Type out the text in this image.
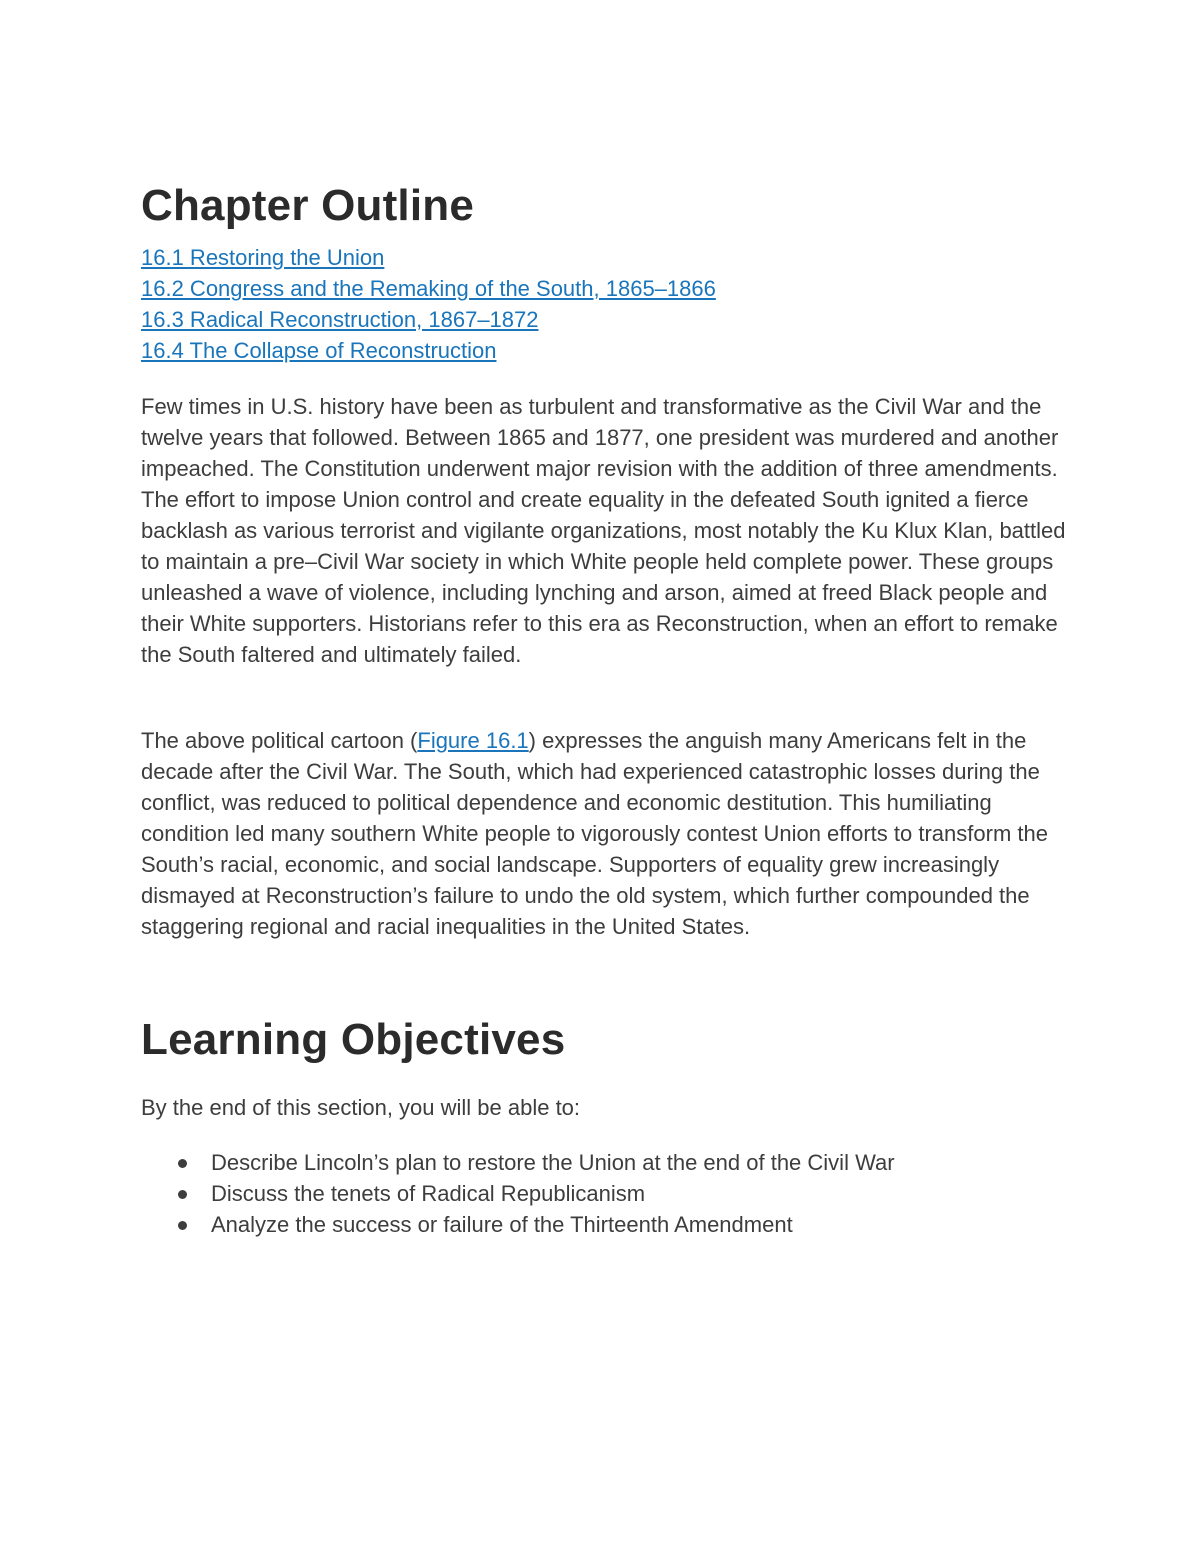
Chapter Outline
16.1 Restoring the Union
16.2 Congress and the Remaking of the South, 1865–1866
16.3 Radical Reconstruction, 1867–1872
16.4 The Collapse of Reconstruction

Few times in U.S. history have been as turbulent and transformative as the Civil War and the twelve years that followed. Between 1865 and 1877, one president was murdered and another impeached. The Constitution underwent major revision with the addition of three amendments. The effort to impose Union control and create equality in the defeated South ignited a fierce backlash as various terrorist and vigilante organizations, most notably the Ku Klux Klan, battled to maintain a pre–Civil War society in which White people held complete power. These groups unleashed a wave of violence, including lynching and arson, aimed at freed Black people and their White supporters. Historians refer to this era as Reconstruction, when an effort to remake the South faltered and ultimately failed.

The above political cartoon (Figure 16.1) expresses the anguish many Americans felt in the decade after the Civil War. The South, which had experienced catastrophic losses during the conflict, was reduced to political dependence and economic destitution. This humiliating condition led many southern White people to vigorously contest Union efforts to transform the South’s racial, economic, and social landscape. Supporters of equality grew increasingly dismayed at Reconstruction’s failure to undo the old system, which further compounded the staggering regional and racial inequalities in the United States.

Learning Objectives

By the end of this section, you will be able to:

Describe Lincoln’s plan to restore the Union at the end of the Civil War
Discuss the tenets of Radical Republicanism
Analyze the success or failure of the Thirteenth Amendment
